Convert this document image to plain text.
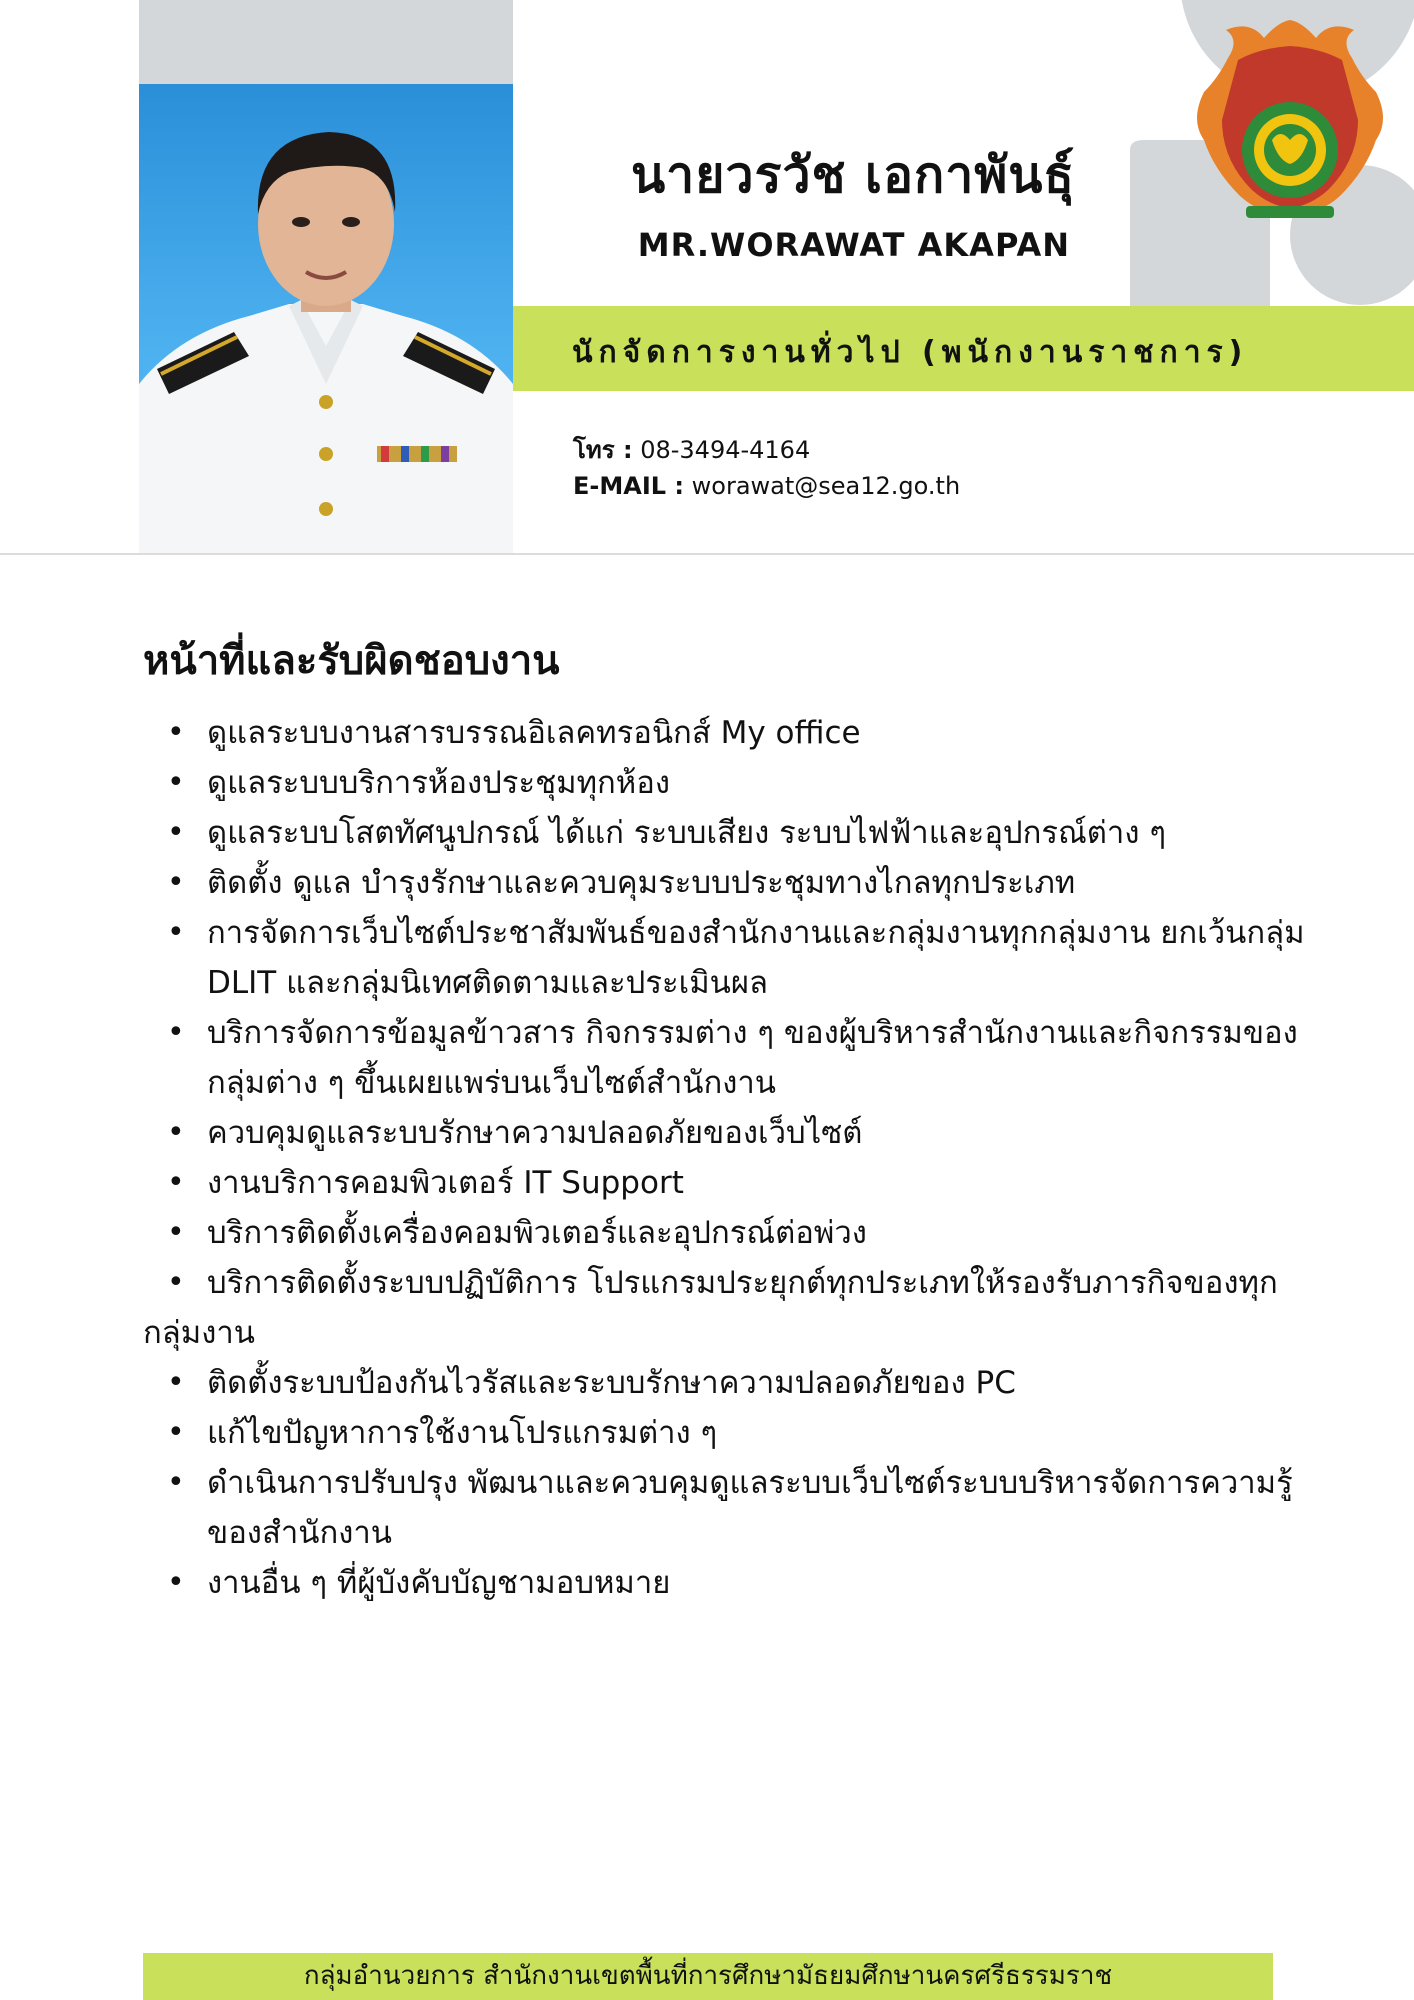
นายวรวัช เอกาพันธุ์
MR.WORAWAT AKAPAN
นักจัดการงานทั่วไป (พนักงานราชการ)
โทร : 08-3494-4164
E-MAIL : worawat@sea12.go.th
หน้าที่และรับผิดชอบงาน
• ดูแลระบบงานสารบรรณอิเลคทรอนิกส์ My office
• ดูแลระบบบริการห้องประชุมทุกห้อง
• ดูแลระบบโสตทัศนูปกรณ์ ได้แก่ ระบบเสียง ระบบไฟฟ้าและอุปกรณ์ต่าง ๆ
• ติดตั้ง ดูแล บำรุงรักษาและควบคุมระบบประชุมทางไกลทุกประเภท
• การจัดการเว็บไซต์ประชาสัมพันธ์ของสำนักงานและกลุ่มงานทุกกลุ่มงาน ยกเว้นกลุ่ม DLIT และกลุ่มนิเทศติดตามและประเมินผล
• บริการจัดการข้อมูลข้าวสาร กิจกรรมต่าง ๆ ของผู้บริหารสำนักงานและกิจกรรมของกลุ่มต่าง ๆ ขึ้นเผยแพร่บนเว็บไซต์สำนักงาน
• ควบคุมดูแลระบบรักษาความปลอดภัยของเว็บไซต์
• งานบริการคอมพิวเตอร์ IT Support
• บริการติดตั้งเครื่องคอมพิวเตอร์และอุปกรณ์ต่อพ่วง
• บริการติดตั้งระบบปฏิบัติการ โปรแกรมประยุกต์ทุกประเภทให้รองรับภารกิจของทุกกลุ่มงาน
• ติดตั้งระบบป้องกันไวรัสและระบบรักษาความปลอดภัยของ PC
• แก้ไขปัญหาการใช้งานโปรแกรมต่าง ๆ
• ดำเนินการปรับปรุง พัฒนาและควบคุมดูแลระบบเว็บไซต์ระบบบริหารจัดการความรู้ ของสำนักงาน
• งานอื่น ๆ ที่ผู้บังคับบัญชามอบหมาย
กลุ่มอำนวยการ สำนักงานเขตพื้นที่การศึกษามัธยมศึกษานครศรีธรรมราช
